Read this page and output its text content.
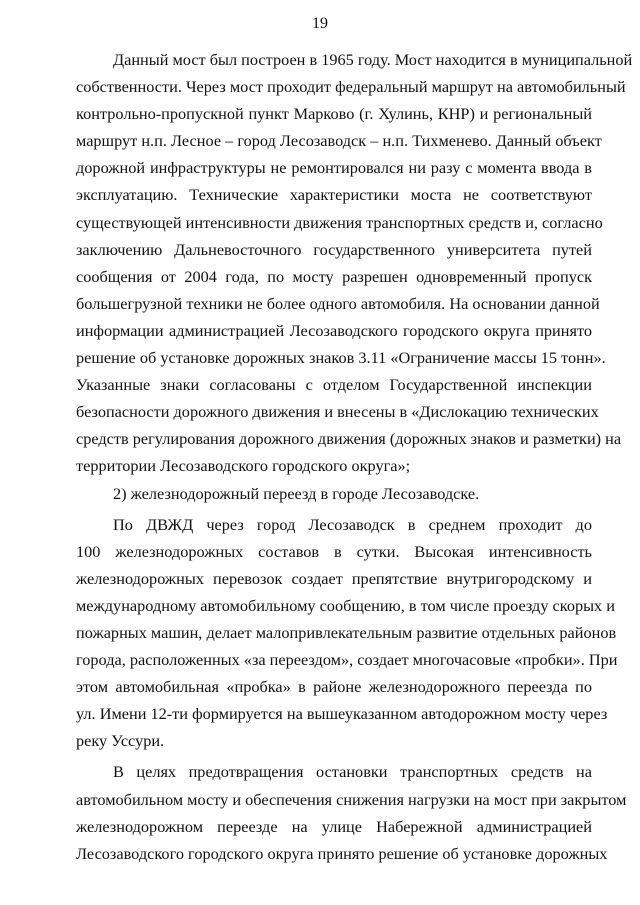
19
Данный мост был построен в 1965 году. Мост находится в муниципальной
собственности. Через мост проходит федеральный маршрут на автомобильный
контрольно-пропускной пункт Марково (г. Хулинь, КНР) и региональный
маршрут н.п. Лесное – город Лесозаводск – н.п. Тихменево. Данный объект
дорожной инфраструктуры не ремонтировался ни разу с момента ввода в
эксплуатацию. Технические характеристики моста не соответствуют
существующей интенсивности движения транспортных средств и, согласно
заключению Дальневосточного государственного университета путей
сообщения от 2004 года, по мосту разрешен одновременный пропуск
большегрузной техники не более одного автомобиля. На основании данной
информации администрацией Лесозаводского городского округа принято
решение об установке дорожных знаков 3.11 «Ограничение массы 15 тонн».
Указанные знаки согласованы с отделом Государственной инспекции
безопасности дорожного движения и внесены в «Дислокацию технических
средств регулирования дорожного движения (дорожных знаков и разметки) на
территории Лесозаводского городского округа»;
2) железнодорожный переезд в городе Лесозаводске.
По ДВЖД через город Лесозаводск в среднем проходит до
100 железнодорожных составов в сутки. Высокая интенсивность
железнодорожных перевозок создает препятствие внутригородскому и
международному автомобильному сообщению, в том числе проезду скорых и
пожарных машин, делает малопривлекательным развитие отдельных районов
города, расположенных «за переездом», создает многочасовые «пробки». При
этом автомобильная «пробка» в районе железнодорожного переезда по
ул. Имени 12-ти формируется на вышеуказанном автодорожном мосту через
реку Уссури.
В целях предотвращения остановки транспортных средств на
автомобильном мосту и обеспечения снижения нагрузки на мост при закрытом
железнодорожном переезде на улице Набережной администрацией
Лесозаводского городского округа принято решение об установке дорожных
